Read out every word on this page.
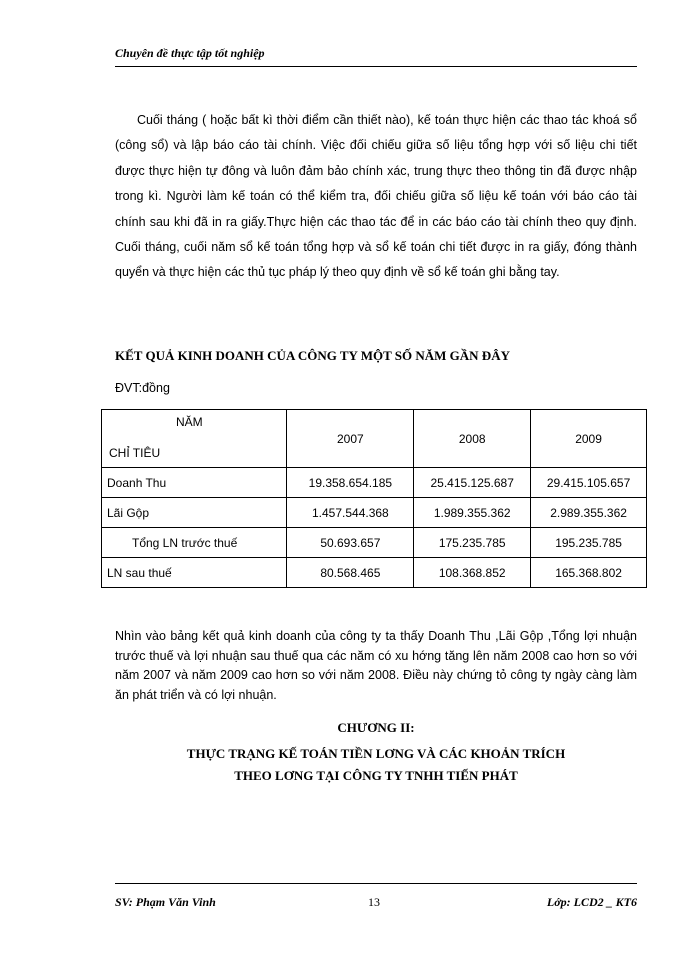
Chuyên đề thực tập tốt nghiệp
Cuối tháng ( hoặc bất kì thời điểm cần thiết nào), kế toán thực hiện các thao tác khoá sổ (công sổ) và lập báo cáo tài chính. Việc đối chiếu giữa số liệu tổng hợp với số liệu chi tiết được thực hiện tự đông và luôn đảm bảo chính xác, trung thực theo thông tin đã được nhập trong kì. Người làm kế toán có thể kiểm tra, đối chiếu giữa số liệu kế toán với báo cáo tài chính sau khi đã in ra giấy.Thực hiện các thao tác để in các báo cáo tài chính theo quy định. Cuối tháng, cuối năm sổ kế toán tổng hợp và sổ kế toán chi tiết được in ra giấy, đóng thành quyển và thực hiện các thủ tục pháp lý theo quy định về sổ kế toán ghi bằng tay.
KẾT QUẢ KINH DOANH CỦA CÔNG TY MỘT SỐ NĂM GẦN ĐÂY
ĐVT:đồng
NĂM
CHỈ TIÊU	2007	2008	2009
Doanh Thu	19.358.654.185	25.415.125.687	29.415.105.657
Lãi Gộp	1.457.544.368	1.989.355.362	2.989.355.362
Tổng LN trước thuế	50.693.657	175.235.785	195.235.785
LN sau thuế	80.568.465	108.368.852	165.368.802
Nhìn vào bảng kết quả kinh doanh của công ty ta thấy Doanh Thu ,Lãi Gộp ,Tổng lợi nhuận trước thuế và lợi nhuận sau thuế qua các năm có xu hớng tăng lên năm 2008 cao hơn so với năm 2007 và năm 2009 cao hơn so với năm 2008. Điều này chứng tỏ công ty ngày càng làm ăn phát triển và có lợi nhuận.
CHƯƠNG II:
THỰC TRẠNG KẾ TOÁN TIỀN LƠNG VÀ CÁC KHOẢN TRÍCH
THEO LƠNG TẠI CÔNG TY TNHH TIẾN PHÁT
SV: Phạm Văn Vinh	13	Lớp: LCD2 _ KT6
